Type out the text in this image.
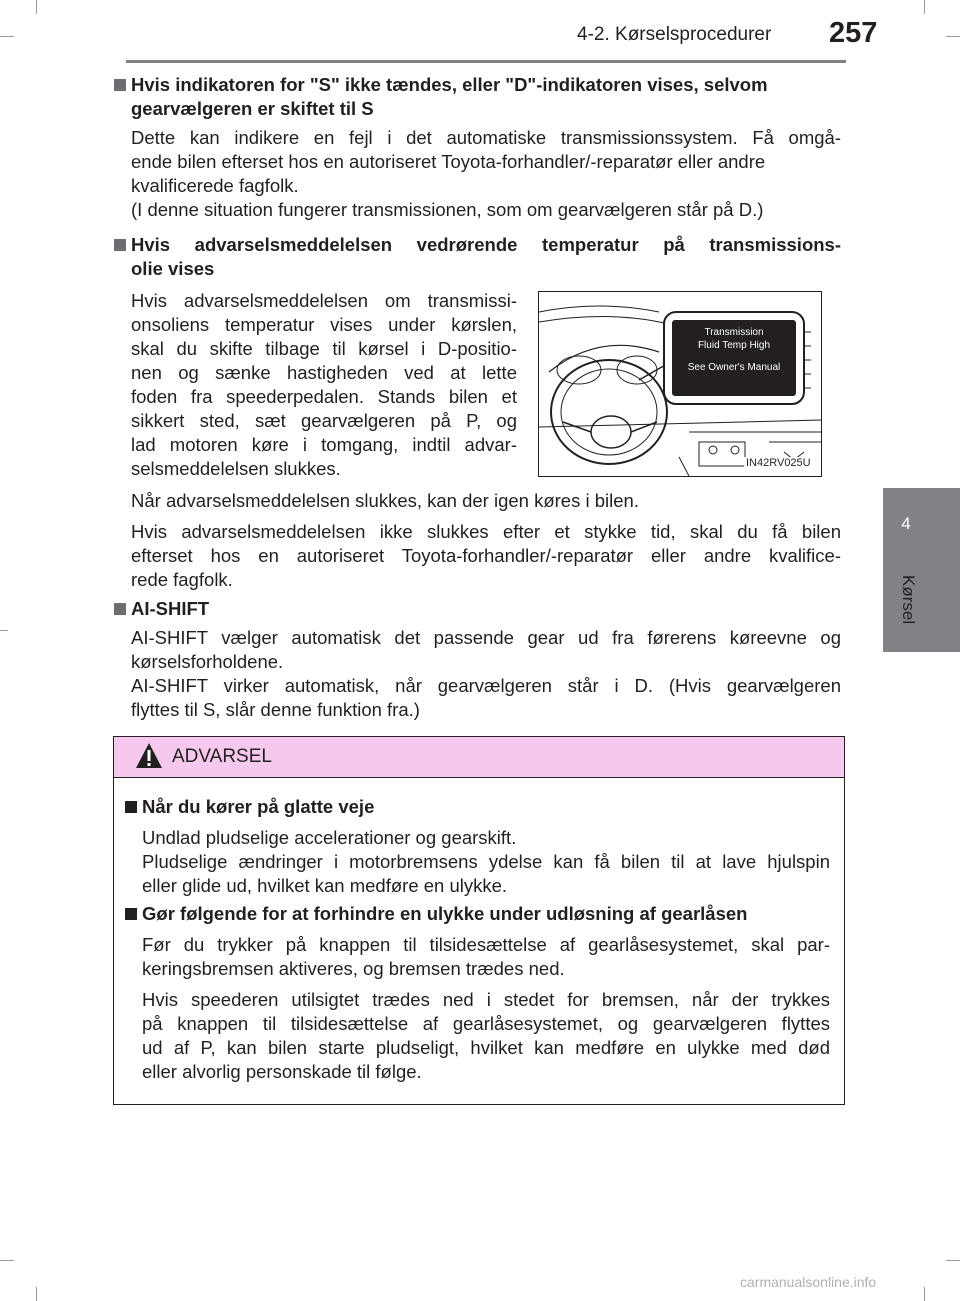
4-2. Kørselsprocedurer 257
4
Kørsel
Hvis indikatoren for "S" ikke tændes, eller "D"-indikatoren vises, selvom
gearvælgeren er skiftet til S
Dette kan indikere en fejl i det automatiske transmissionssystem. Få omgå-
ende bilen efterset hos en autoriseret Toyota-forhandler/-reparatør eller andre
kvalificerede fagfolk.
(I denne situation fungerer transmissionen, som om gearvælgeren står på D.)
Hvis advarselsmeddelelsen vedrørende temperatur på transmissions-
olie vises
Hvis advarselsmeddelelsen om transmissi-
onsoliens temperatur vises under kørslen,
skal du skifte tilbage til kørsel i D-positio-
nen og sænke hastigheden ved at lette
foden fra speederpedalen. Stands bilen et
sikkert sted, sæt gearvælgeren på P, og
lad motoren køre i tomgang, indtil advar-
selsmeddelelsen slukkes.
Transmission
Fluid Temp High
See Owner's Manual
IN42RV025U
Når advarselsmeddelelsen slukkes, kan der igen køres i bilen.
Hvis advarselsmeddelelsen ikke slukkes efter et stykke tid, skal du få bilen
efterset hos en autoriseret Toyota-forhandler/-reparatør eller andre kvalifice-
rede fagfolk.
AI-SHIFT
AI-SHIFT vælger automatisk det passende gear ud fra førerens køreevne og
kørselsforholdene.
AI-SHIFT virker automatisk, når gearvælgeren står i D. (Hvis gearvælgeren
flyttes til S, slår denne funktion fra.)
ADVARSEL
Når du kører på glatte veje
Undlad pludselige accelerationer og gearskift.
Pludselige ændringer i motorbremsens ydelse kan få bilen til at lave hjulspin
eller glide ud, hvilket kan medføre en ulykke.
Gør følgende for at forhindre en ulykke under udløsning af gearlåsen
Før du trykker på knappen til tilsidesættelse af gearlåsesystemet, skal par-
keringsbremsen aktiveres, og bremsen trædes ned.
Hvis speederen utilsigtet trædes ned i stedet for bremsen, når der trykkes
på knappen til tilsidesættelse af gearlåsesystemet, og gearvælgeren flyttes
ud af P, kan bilen starte pludseligt, hvilket kan medføre en ulykke med død
eller alvorlig personskade til følge.
carmanualsonline.info
